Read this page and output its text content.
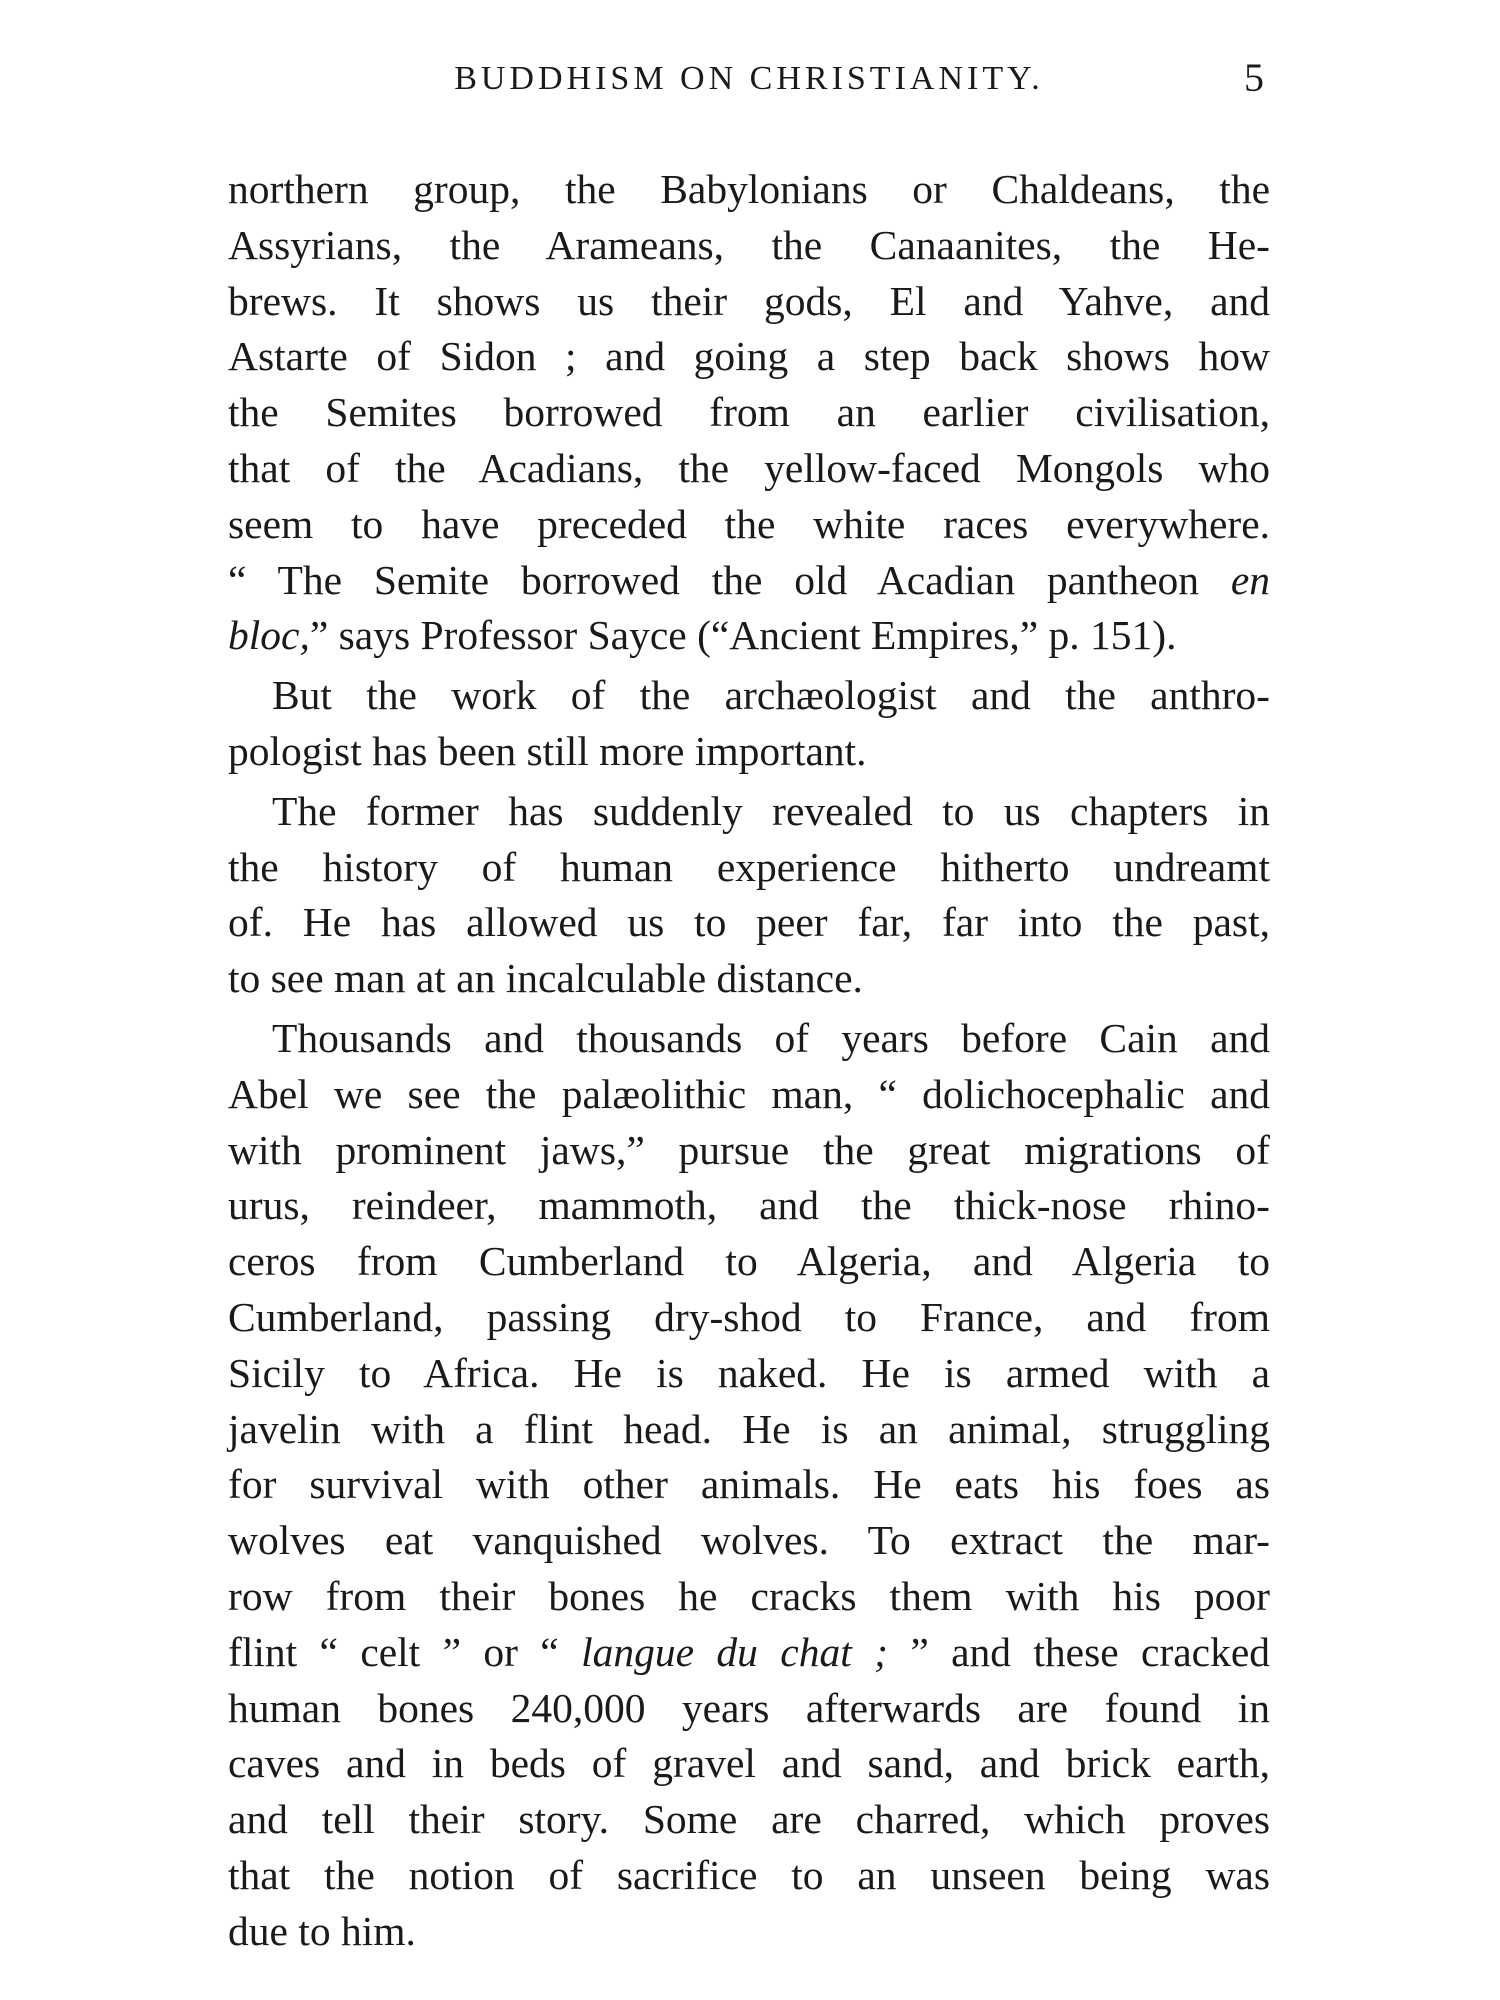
BUDDHISM ON CHRISTIANITY.	5

northern group, the Babylonians or Chaldeans, the
Assyrians, the Arameans, the Canaanites, the He-
brews. It shows us their gods, El and Yahve, and
Astarte of Sidon ; and going a step back shows how
the Semites borrowed from an earlier civilisation,
that of the Acadians, the yellow-faced Mongols who
seem to have preceded the white races everywhere.
“ The Semite borrowed the old Acadian pantheon en
bloc,” says Professor Sayce (“Ancient Empires,” p. 151).

But the work of the archæologist and the anthro-
pologist has been still more important.

The former has suddenly revealed to us chapters in
the history of human experience hitherto undreamt
of. He has allowed us to peer far, far into the past,
to see man at an incalculable distance.

Thousands and thousands of years before Cain and
Abel we see the palæolithic man, “ dolichocephalic and
with prominent jaws,” pursue the great migrations of
urus, reindeer, mammoth, and the thick-nose rhino-
ceros from Cumberland to Algeria, and Algeria to
Cumberland, passing dry-shod to France, and from
Sicily to Africa. He is naked. He is armed with a
javelin with a flint head. He is an animal, struggling
for survival with other animals. He eats his foes as
wolves eat vanquished wolves. To extract the mar-
row from their bones he cracks them with his poor
flint “ celt ” or “ langue du chat ; ” and these cracked
human bones 240,000 years afterwards are found in
caves and in beds of gravel and sand, and brick earth,
and tell their story. Some are charred, which proves
that the notion of sacrifice to an unseen being was
due to him.
